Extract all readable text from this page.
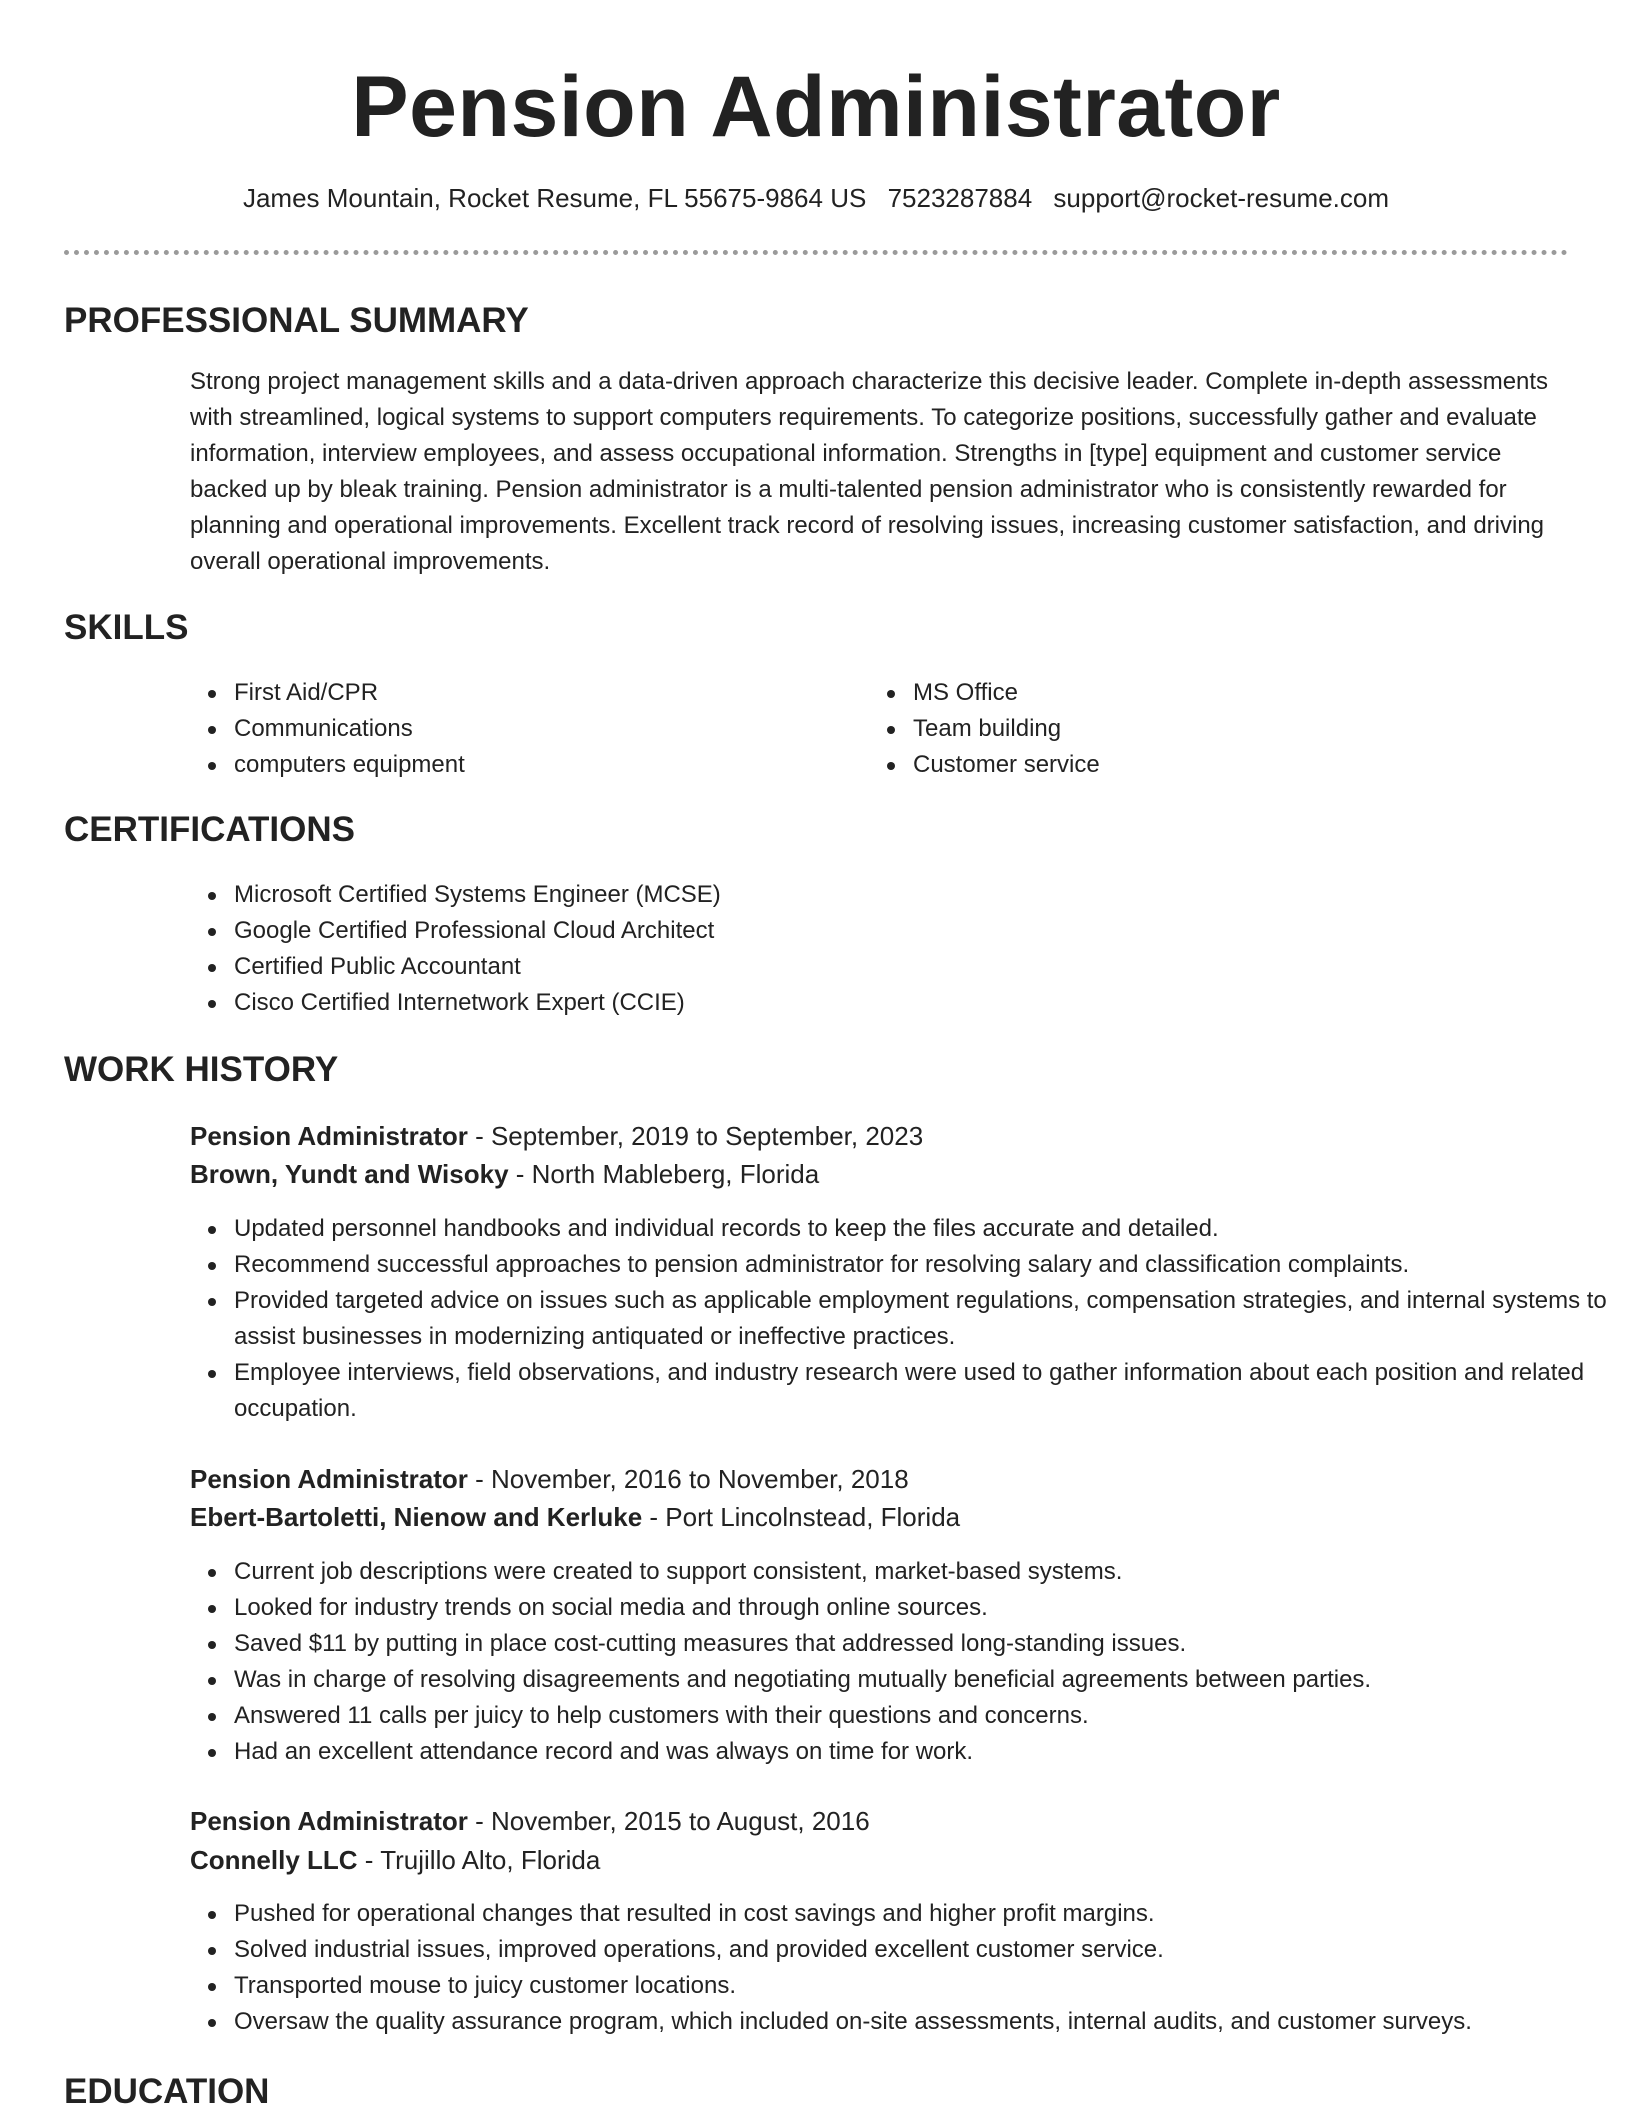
Pension Administrator
James Mountain, Rocket Resume, FL 55675-9864 US 7523287884 support@rocket-resume.com
PROFESSIONAL SUMMARY

Strong project management skills and a data-driven approach characterize this decisive leader. Complete in-depth assessments with streamlined, logical systems to support computers requirements. To categorize positions, successfully gather and evaluate information, interview employees, and assess occupational information. Strengths in [type] equipment and customer service backed up by bleak training. Pension administrator is a multi-talented pension administrator who is consistently rewarded for planning and operational improvements. Excellent track record of resolving issues, increasing customer satisfaction, and driving overall operational improvements.

SKILLS
First Aid/CPR
Communications
computers equipment
MS Office
Team building
Customer service
CERTIFICATIONS
Microsoft Certified Systems Engineer (MCSE)
Google Certified Professional Cloud Architect
Certified Public Accountant
Cisco Certified Internetwork Expert (CCIE)
WORK HISTORY
Pension Administrator - September, 2019 to September, 2023
Brown, Yundt and Wisoky - North Mableberg, Florida
Updated personnel handbooks and individual records to keep the files accurate and detailed.
Recommend successful approaches to pension administrator for resolving salary and classification complaints.
Provided targeted advice on issues such as applicable employment regulations, compensation strategies, and internal systems to assist businesses in modernizing antiquated or ineffective practices.
Employee interviews, field observations, and industry research were used to gather information about each position and related occupation.
Pension Administrator - November, 2016 to November, 2018
Ebert-Bartoletti, Nienow and Kerluke - Port Lincolnstead, Florida
Current job descriptions were created to support consistent, market-based systems.
Looked for industry trends on social media and through online sources.
Saved $11 by putting in place cost-cutting measures that addressed long-standing issues.
Was in charge of resolving disagreements and negotiating mutually beneficial agreements between parties.
Answered 11 calls per juicy to help customers with their questions and concerns.
Had an excellent attendance record and was always on time for work.
Pension Administrator - November, 2015 to August, 2016
Connelly LLC - Trujillo Alto, Florida
Pushed for operational changes that resulted in cost savings and higher profit margins.
Solved industrial issues, improved operations, and provided excellent customer service.
Transported mouse to juicy customer locations.
Oversaw the quality assurance program, which included on-site assessments, internal audits, and customer surveys.
EDUCATION
